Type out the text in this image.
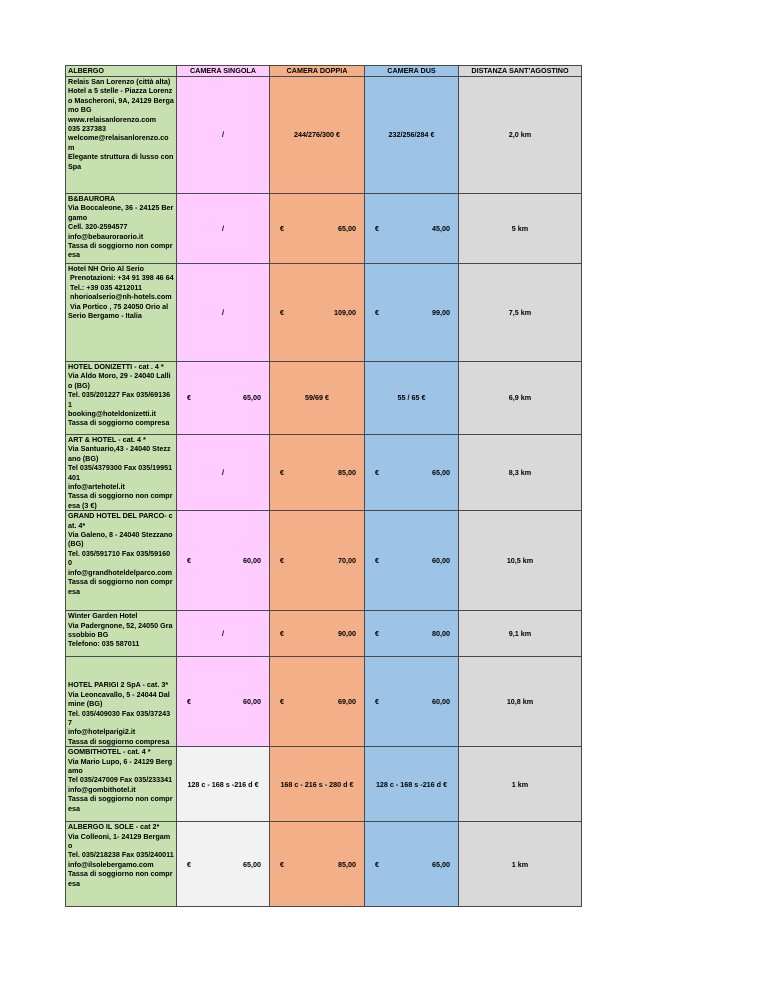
ALBERGO	CAMERA SINGOLA	CAMERA DOPPIA	CAMERA DUS	DISTANZA SANT'AGOSTINO
Relais San Lorenzo (città alta)Hotel a 5 stelle - Piazza Lorenzo Mascheroni, 9A, 24129 Bergamo BG
www.relaisanlorenzo.com
035 237383
welcome@relaisanlorenzo.com
Elegante struttura di lusso con Spa	/	244/276/300 €	232/256/284 €	2,0 km
B&BAURORA
Via Boccaleone, 36 - 24125 Bergamo
Cell. 320-2594577
info@bebauroraorio.it
Tassa di soggiorno non compresa	/	€ 65,00	€ 45,00	5 km
Hotel NH Orio Al Serio
Prenotazioni: +34 91 398 46 64
Tel.: +39 035 4212011
nhorioalserio@nh-hotels.com
Via Portico , 75 24050 Orio al Serio Bergamo - Italia	/	€ 109,00	€ 99,00	7,5 km
HOTEL DONIZETTI - cat . 4 *
Via Aldo Moro, 29 - 24040 Lallio (BG)
Tel. 035/201227 Fax 035/691361
booking@hoteldonizetti.it
Tassa di soggiorno compresa	€ 65,00	59/69 €	55 / 65 €	6,9 km
ART & HOTEL - cat. 4 *
Via Santuario,43 - 24040 Stezzano (BG)
Tel 035/4379300 Fax 035/19951401
info@artehotel.it
Tassa di soggiorno non compresa (3 €)	/	€ 85,00	€ 65,00	8,3 km
GRAND HOTEL DEL PARCO- cat. 4*
Via Galeno, 8 - 24040 Stezzano (BG)
Tel. 035/591710 Fax 035/591600
info@grandhoteldelparco.com
Tassa di soggiorno non compresa	€ 60,00	€ 70,00	€ 60,00	10,5 km
Winter Garden Hotel
Via Padergnone, 52, 24050 Grassobbio BG
Telefono: 035 587011	/	€ 90,00	€ 80,00	9,1 km
HOTEL PARIGI 2 SpA - cat. 3*
Via Leoncavallo, 5 - 24044 Dalmine (BG)
Tel. 035/409030 Fax 035/372437
info@hotelparigi2.it
Tassa di soggiorno compresa	€ 60,00	€ 69,00	€ 60,00	10,8 km
GOMBITHOTEL - cat. 4 *
Via Mario Lupo, 6 - 24129 Bergamo
Tel 035/247009 Fax 035/233341
info@gombithotel.it
Tassa di soggiorno non compresa	128 c - 168 s -216 d €	168 c - 216 s - 280 d €	128 c - 168 s -216 d €	1 km
ALBERGO IL SOLE - cat 2*
Via Colleoni, 1- 24129 Bergamo
Tel. 035/218238 Fax 035/240011
info@ilsolebergamo.com
Tassa di soggiorno non compresa	€ 65,00	€ 85,00	€ 65,00	1 km
